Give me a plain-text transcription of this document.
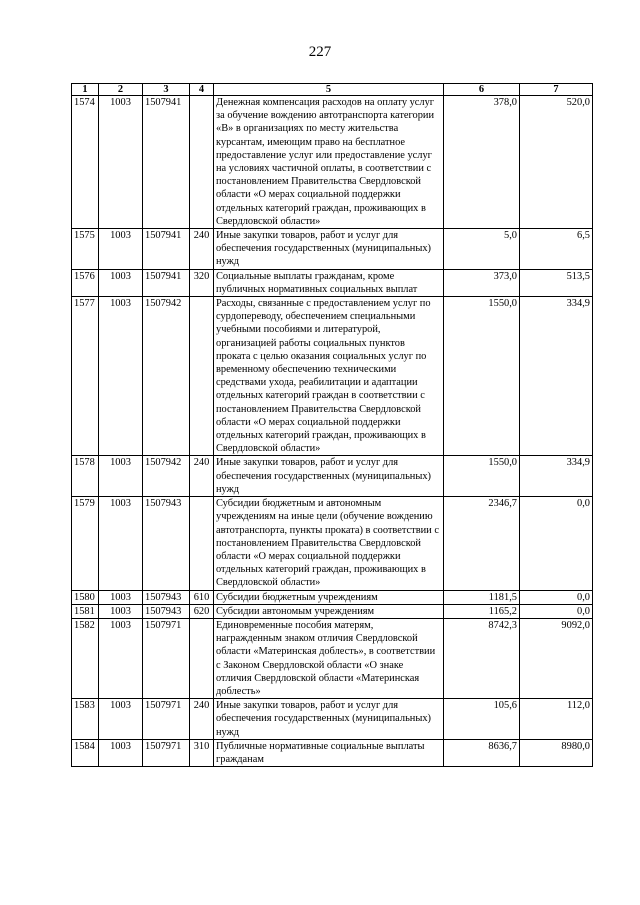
227
1	2	3	4	5	6	7
1574	1003	1507941		Денежная компенсация расходов на оплату услуг за обучение вождению автотранспорта категории «В» в организациях по месту жительства курсантам, имеющим право на бесплатное предоставление услуг или предоставление услуг на условиях частичной оплаты, в соответствии с постановлением Правительства Свердловской области «О мерах социальной поддержки отдельных категорий граждан, проживающих в Свердловской области»	378,0	520,0
1575	1003	1507941	240	Иные закупки товаров, работ и услуг для обеспечения государственных (муниципальных) нужд	5,0	6,5
1576	1003	1507941	320	Социальные выплаты гражданам, кроме публичных нормативных социальных выплат	373,0	513,5
1577	1003	1507942		Расходы, связанные с предоставлением услуг по сурдопереводу, обеспечением специальными учебными пособиями и литературой, организацией работы социальных пунктов проката с целью оказания социальных услуг по временному обеспечению техническими средствами ухода, реабилитации и адаптации отдельных категорий граждан в соответствии с постановлением Правительства Свердловской области «О мерах социальной поддержки отдельных категорий граждан, проживающих в Свердловской области»	1550,0	334,9
1578	1003	1507942	240	Иные закупки товаров, работ и услуг для обеспечения государственных (муниципальных) нужд	1550,0	334,9
1579	1003	1507943		Субсидии бюджетным и автономным учреждениям на иные цели (обучение вождению автотранспорта, пункты проката) в соответствии с постановлением Правительства Свердловской области «О мерах социальной поддержки отдельных категорий граждан, проживающих в Свердловской области»	2346,7	0,0
1580	1003	1507943	610	Субсидии бюджетным учреждениям	1181,5	0,0
1581	1003	1507943	620	Субсидии автономым учреждениям	1165,2	0,0
1582	1003	1507971		Единовременные пособия матерям, награжденным знаком отличия Свердловской области «Материнская доблесть», в соответствии с Законом Свердловской области «О знаке отличия Свердловской области «Материнская доблесть»	8742,3	9092,0
1583	1003	1507971	240	Иные закупки товаров, работ и услуг для обеспечения государственных (муниципальных) нужд	105,6	112,0
1584	1003	1507971	310	Публичные нормативные социальные выплаты гражданам	8636,7	8980,0
